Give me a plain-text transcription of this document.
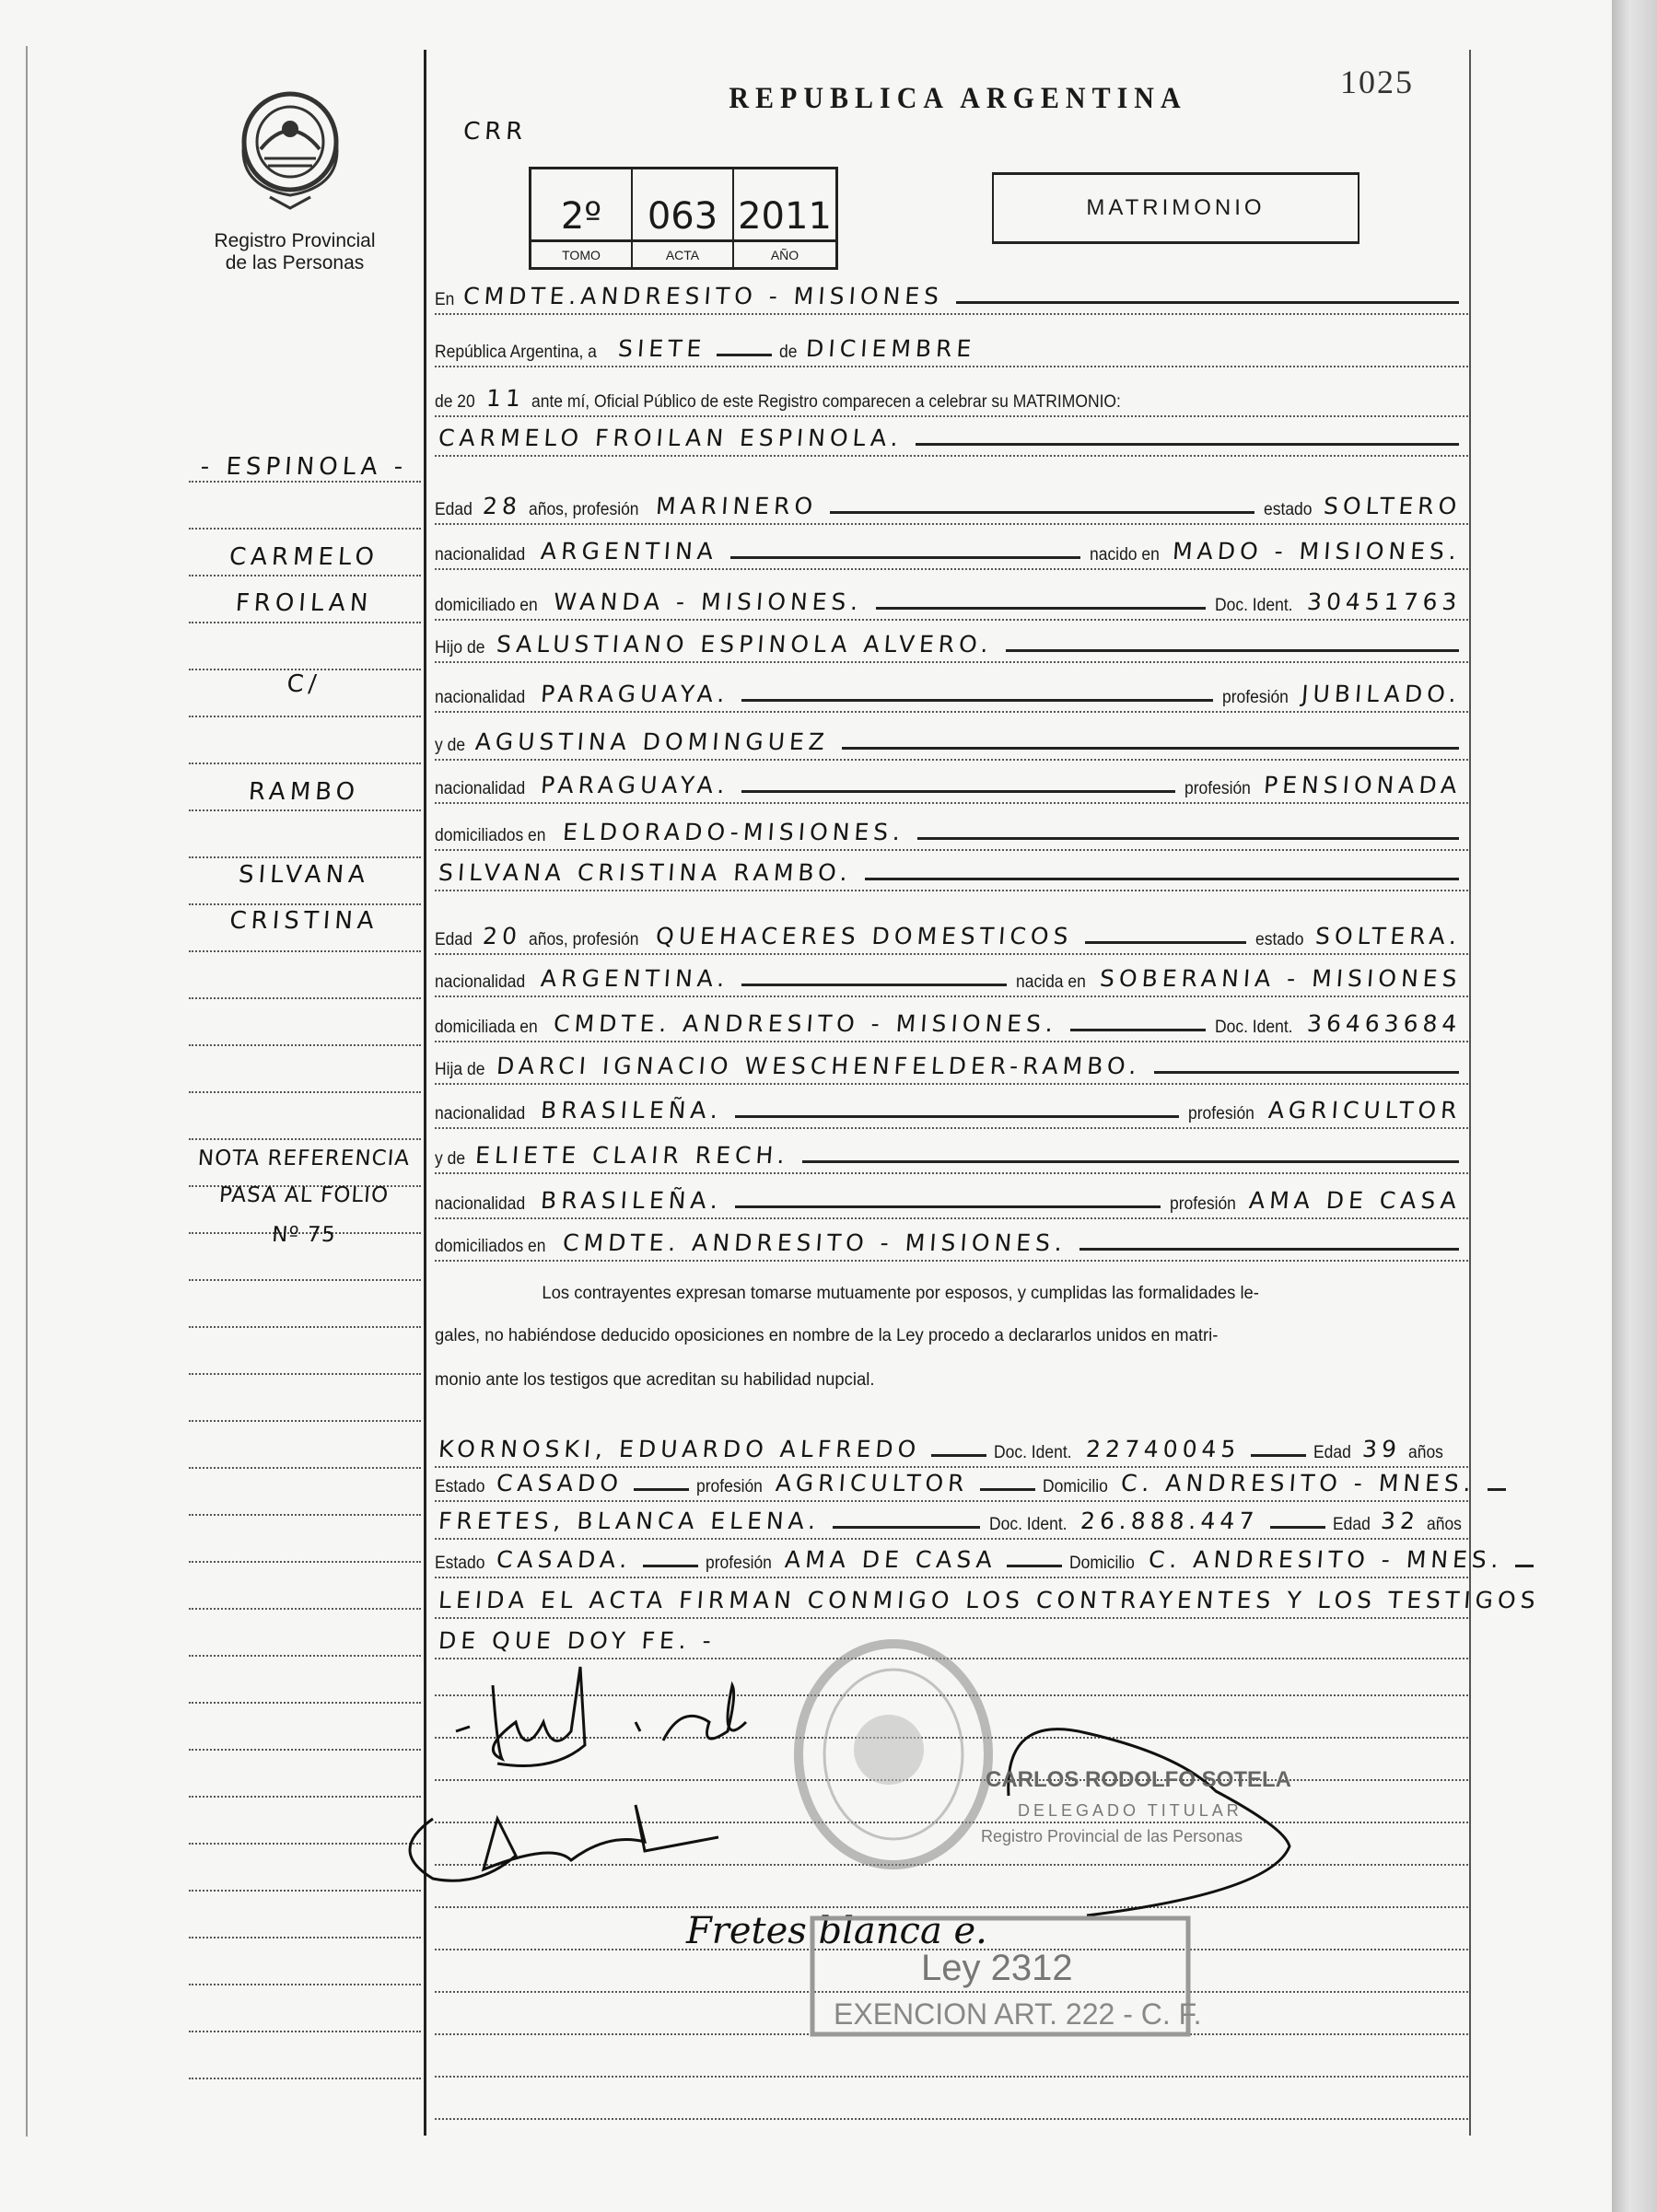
Registro Provincial
de las Personas
REPUBLICA ARGENTINA	1025
CRR
2º 063 2011
TOMO	ACTA	AÑO
MATRIMONIO
- ESPINOLA -
CARMELO
FROILAN
C/
RAMBO
SILVANA
CRISTINA
NOTA REFERENCIA
PASA AL FOLIO
Nº 75
En CMDTE.ANDRESITO - MISIONES
República Argentina, a SIETE	de DICIEMBRE
de 20 11 ante mí, Oficial Público de este Registro comparecen a celebrar su MATRIMONIO:
CARMELO FROILAN ESPINOLA.
Edad 28 años, profesión MARINERO	estado SOLTERO
nacionalidad ARGENTINA	nacido en MADO - MISIONES.
domiciliado en WANDA - MISIONES.	Doc. Ident. 30451763
Hijo de SALUSTIANO ESPINOLA ALVERO.
nacionalidad PARAGUAYA.	profesión JUBILADO.
y de AGUSTINA DOMINGUEZ
nacionalidad PARAGUAYA.	profesión PENSIONADA
domiciliados en ELDORADO-MISIONES.
SILVANA CRISTINA RAMBO.
Edad 20 años, profesión QUEHACERES DOMESTICOS	estado SOLTERA.
nacionalidad ARGENTINA.	nacida en SOBERANIA - MISIONES
domiciliada en CMDTE. ANDRESITO - MISIONES.	Doc. Ident. 36463684
Hija de DARCI IGNACIO WESCHENFELDER-RAMBO.
nacionalidad BRASILEÑA.	profesión AGRICULTOR
y de ELIETE CLAIR RECH.
nacionalidad BRASILEÑA.	profesión AMA DE CASA
domiciliados en CMDTE. ANDRESITO - MISIONES.
KORNOSKI, EDUARDO ALFREDO	Doc. Ident. 22740045	Edad 39 años
Estado CASADO	profesión AGRICULTOR	Domicilio C. ANDRESITO - MNES.
FRETES, BLANCA ELENA.	Doc. Ident. 26.888.447	Edad 32 años
Estado CASADA.	profesión AMA DE CASA	Domicilio C. ANDRESITO - MNES.
LEIDA EL ACTA FIRMAN CONMIGO LOS CONTRAYENTES Y LOS TESTIGOS
DE QUE DOY FE. -
Los contrayentes expresan tomarse mutuamente por esposos, y cumplidas las formalidades le-
gales, no habiéndose deducido oposiciones en nombre de la Ley procedo a declararlos unidos en matri-
monio ante los testigos que acreditan su habilidad nupcial.
Fretes blanca e.
CARLOS RODOLFO SOTELA
DELEGADO TITULAR
Registro Provincial de las Personas
Ley 2312
EXENCION ART. 222 - C. F.
